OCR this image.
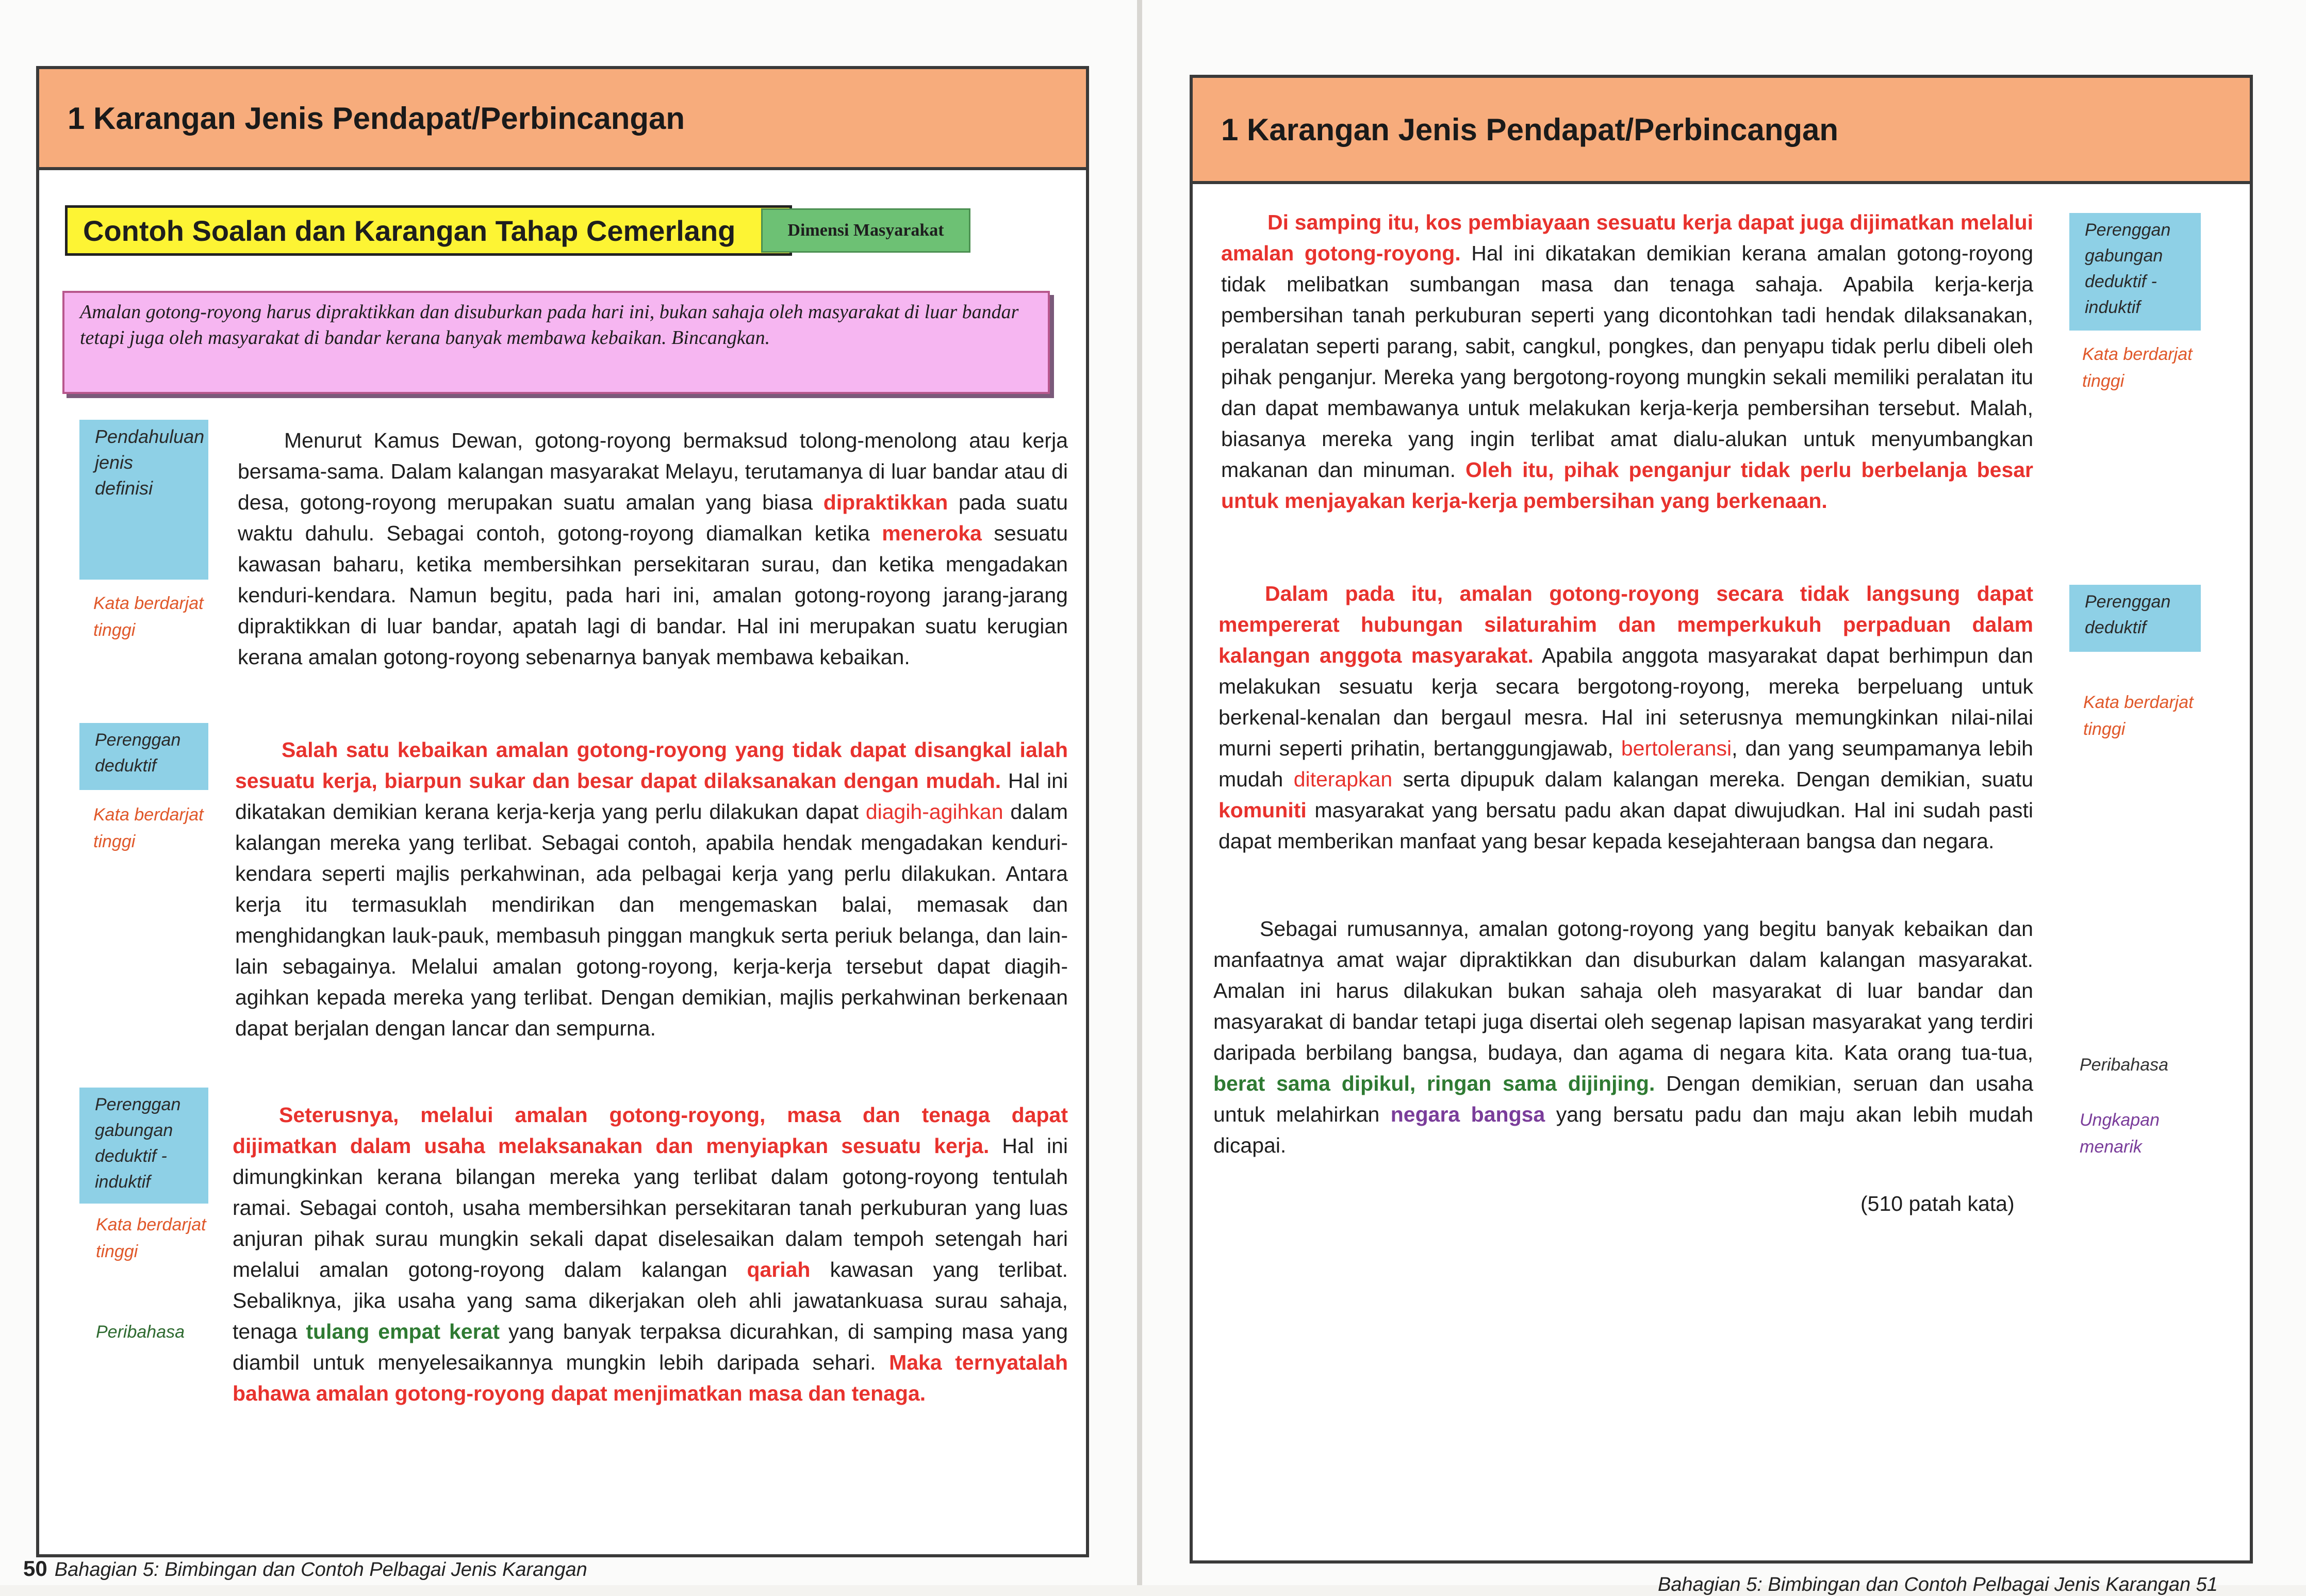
1 Karangan Jenis Pendapat/Perbincangan
Contoh Soalan dan Karangan Tahap Cemerlang	Dimensi Masyarakat
Amalan gotong-royong harus dipraktikkan dan disuburkan pada hari ini, bukan sahaja oleh masyarakat di luar bandar tetapi juga oleh masyarakat di bandar kerana banyak membawa kebaikan. Bincangkan.
Pendahuluan jenis definisi
Kata berdarjat tinggi
Perenggan deduktif
Kata berdarjat tinggi
Perenggan gabungan deduktif - induktif
Kata berdarjat tinggi
Peribahasa
Menurut Kamus Dewan, gotong-royong bermaksud tolong-menolong atau kerja bersama-sama. Dalam kalangan masyarakat Melayu, terutamanya di luar bandar atau di desa, gotong-royong merupakan suatu amalan yang biasa dipraktikkan pada suatu waktu dahulu. Sebagai contoh, gotong-royong diamalkan ketika meneroka sesuatu kawasan baharu, ketika membersihkan persekitaran surau, dan ketika mengadakan kenduri-kendara. Namun begitu, pada hari ini, amalan gotong-royong jarang-jarang dipraktikkan di luar bandar, apatah lagi di bandar. Hal ini merupakan suatu kerugian kerana amalan gotong-royong sebenarnya banyak membawa kebaikan.
Salah satu kebaikan amalan gotong-royong yang tidak dapat disangkal ialah sesuatu kerja, biarpun sukar dan besar dapat dilaksanakan dengan mudah. Hal ini dikatakan demikian kerana kerja-kerja yang perlu dilakukan dapat diagih-agihkan dalam kalangan mereka yang terlibat. Sebagai contoh, apabila hendak mengadakan kenduri-kendara seperti majlis perkahwinan, ada pelbagai kerja yang perlu dilakukan. Antara kerja itu termasuklah mendirikan dan mengemaskan balai, memasak dan menghidangkan lauk-pauk, membasuh pinggan mangkuk serta periuk belanga, dan lain-lain sebagainya. Melalui amalan gotong-royong, kerja-kerja tersebut dapat diagih-agihkan kepada mereka yang terlibat. Dengan demikian, majlis perkahwinan berkenaan dapat berjalan dengan lancar dan sempurna.
Seterusnya, melalui amalan gotong-royong, masa dan tenaga dapat dijimatkan dalam usaha melaksanakan dan menyiapkan sesuatu kerja. Hal ini dimungkinkan kerana bilangan mereka yang terlibat dalam gotong-royong tentulah ramai. Sebagai contoh, usaha membersihkan persekitaran tanah perkuburan yang luas anjuran pihak surau mungkin sekali dapat diselesaikan dalam tempoh setengah hari melalui amalan gotong-royong dalam kalangan qariah kawasan yang terlibat. Sebaliknya, jika usaha yang sama dikerjakan oleh ahli jawatankuasa surau sahaja, tenaga tulang empat kerat yang banyak terpaksa dicurahkan, di samping masa yang diambil untuk menyelesaikannya mungkin lebih daripada sehari. Maka ternyatalah bahawa amalan gotong-royong dapat menjimatkan masa dan tenaga.
50 Bahagian 5: Bimbingan dan Contoh Pelbagai Jenis Karangan
1 Karangan Jenis Pendapat/Perbincangan
Perenggan gabungan deduktif - induktif
Kata berdarjat tinggi
Perenggan deduktif
Kata berdarjat tinggi
Peribahasa
Ungkapan menarik
Di samping itu, kos pembiayaan sesuatu kerja dapat juga dijimatkan melalui amalan gotong-royong. Hal ini dikatakan demikian kerana amalan gotong-royong tidak melibatkan sumbangan masa dan tenaga sahaja. Apabila kerja-kerja pembersihan tanah perkuburan seperti yang dicontohkan tadi hendak dilaksanakan, peralatan seperti parang, sabit, cangkul, pongkes, dan penyapu tidak perlu dibeli oleh pihak penganjur. Mereka yang bergotong-royong mungkin sekali memiliki peralatan itu dan dapat membawanya untuk melakukan kerja-kerja pembersihan tersebut. Malah, biasanya mereka yang ingin terlibat amat dialu-alukan untuk menyumbangkan makanan dan minuman. Oleh itu, pihak penganjur tidak perlu berbelanja besar untuk menjayakan kerja-kerja pembersihan yang berkenaan.
Dalam pada itu, amalan gotong-royong secara tidak langsung dapat mempererat hubungan silaturahim dan memperkukuh perpaduan dalam kalangan anggota masyarakat. Apabila anggota masyarakat dapat berhimpun dan melakukan sesuatu kerja secara bergotong-royong, mereka berpeluang untuk berkenal-kenalan dan bergaul mesra. Hal ini seterusnya memungkinkan nilai-nilai murni seperti prihatin, bertanggungjawab, bertoleransi, dan yang seumpamanya lebih mudah diterapkan serta dipupuk dalam kalangan mereka. Dengan demikian, suatu komuniti masyarakat yang bersatu padu akan dapat diwujudkan. Hal ini sudah pasti dapat memberikan manfaat yang besar kepada kesejahteraan bangsa dan negara.
Sebagai rumusannya, amalan gotong-royong yang begitu banyak kebaikan dan manfaatnya amat wajar dipraktikkan dan disuburkan dalam kalangan masyarakat. Amalan ini harus dilakukan bukan sahaja oleh masyarakat di luar bandar dan masyarakat di bandar tetapi juga disertai oleh segenap lapisan masyarakat yang terdiri daripada berbilang bangsa, budaya, dan agama di negara kita. Kata orang tua-tua, berat sama dipikul, ringan sama dijinjing. Dengan demikian, seruan dan usaha untuk melahirkan negara bangsa yang bersatu padu dan maju akan lebih mudah dicapai.
(510 patah kata)
Bahagian 5: Bimbingan dan Contoh Pelbagai Jenis Karangan 51
